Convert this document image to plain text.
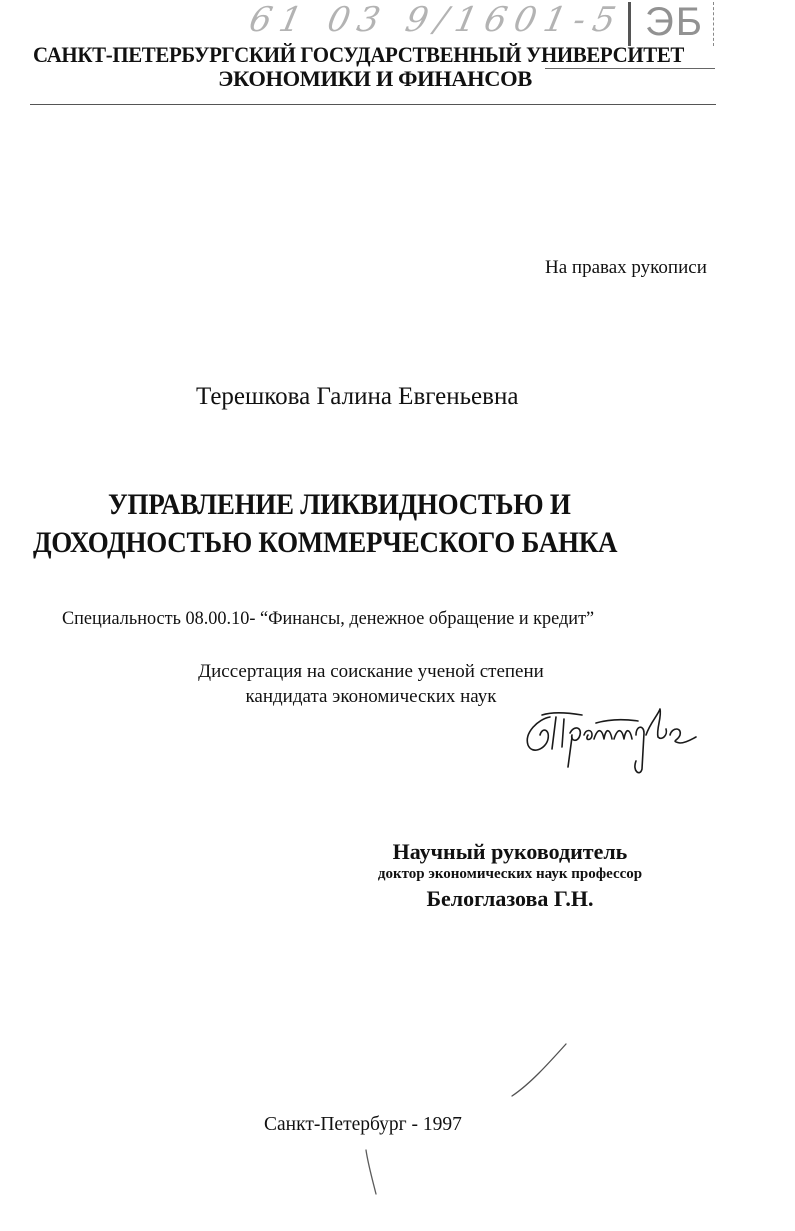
61 03 9/1601-5 ЭБ
САНКТ-ПЕТЕРБУРГСКИЙ ГОСУДАРСТВЕННЫЙ УНИВЕРСИТЕТ
ЭКОНОМИКИ И ФИНАНСОВ
На правах рукописи
Терешкова Галина Евгеньевна
УПРАВЛЕНИЕ ЛИКВИДНОСТЬЮ И
ДОХОДНОСТЬЮ КОММЕРЧЕСКОГО БАНКА
Специальность 08.00.10- “Финансы, денежное обращение и кредит”
Диссертация на соискание ученой степени
кандидата экономических наук
Научный руководитель
доктор экономических наук профессор
Белоглазова Г.Н.
Санкт-Петербург - 1997
